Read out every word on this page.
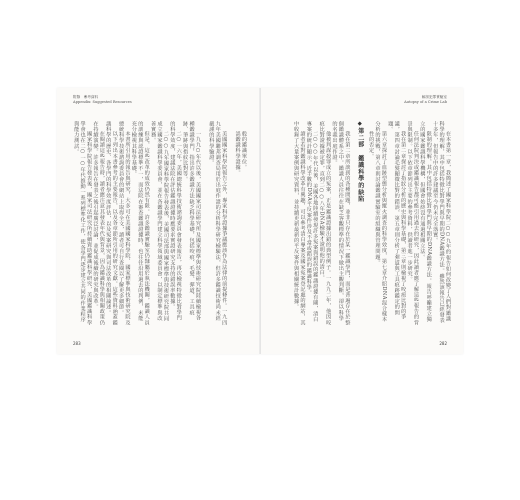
附錄　參考資料
Appendix: Suggested Resources

般的鑑識單位。

誤鑑識科學證據。

美國國家科學院報告之外，專家科學證據爭議應該作為法律的前提條件。一九四九年美國聯邦調查局用於出庭作證的分析科學研究檢驗法，但許多鑑識技術尚未經嚴謹的科學驗證。

一九九○年代以後，美國國家司法研究所及國家標準與技術研究院陸續檢視各種鑑識學門，指出許多鑑識方法缺乏科學基礎，包括咬痕、毛髮、彈道、工具痕跡、筆跡與指紋比對等。

二○一六年，美國總統科學技術諮詢委員會發表報告，再次檢視特徵比對學門的科學效度，建議法院在評估鑑識證據時應要求實證研究支持的錯誤率數據。

二○○九年國家科學院報告發表後，美國司法部與國家標準與技術研究院共同成立國家鑑識科學委員會，並在各鑑識學門建立科學領域委員會，以制定標準與改善實務。

但是，這些改革的成效仍然有限。許多鑑識實驗室仍隸屬於執法機關，鑑識人員的訓練與認證標準不一，而法院在審查鑑識證據時，也往往沿用過去的判例，未能充分檢視其科學基礎。

本書所引用的報告與研究，大多可在美國國家科學院、國家標準與技術研究院及總統科學技術諮詢委員會的網站上取得全文，讀者可自行查閱以了解更多細節。

以下列出本書參考的主要報告，以及各章節所引用的研究文獻。這些資料涵蓋鑑識科學的歷史、各學門的科學效度評估，以及冤案研究與司法改革的相關論述。

在閱讀這些報告時，讀者應注意其發表年代與背景，因為鑑識科學與相關政策仍在持續演變。許多報告在發表之後引起廣泛討論，並促成後續的研究與改革。

國家科學院報告發表後，國家司法研究所持續資助鑑識科學研究，美國鑑識科學學會也在二○一○年代推動一系列標準化工作，使各學門逐步建立共同的作業程序與能力測試。

283
解剖犯罪實驗室
Autopsy of a Crime Lab

在本書第一章，我簡述了國家科學院二○○九年的報告如何改變了人們對鑑識科學的理解，其中包括特徵比對學門與早期的DNA鑑識方法。雖然該報告已經發表十多年，但報告中的許多建議至今仍未完全落實。

限制的理解，其中包括特徵比對學門與早期的DNA鑑識方法。報告呼籲建立獨立的國家鑑識科學機構，但國會始終沒有通過相關立法。

任何法院判決或鑑識報告都可能引用過去的研究，因此讀者應了解這些報告的背景與限制。以下依章節列出主要的參考資料，供讀者進一步研究。

我在第二章探討了指紋分析的歷史與科學基礎，第三章則檢視了咬痕比對的爭議，第四章討論毛髮顯微比對的錯誤，第五章則分析了彈道與工具痕跡鑑定的問題。

第六章探討了血跡型態分析與縱火調查的科學效度，第七章介紹DNA混合樣本分析的挑戰，第八章則討論鑑識實驗室的組織與管理問題。

性的否定。

◆第二部　鑑識科學的缺陷

我在第二章所談到的各種問題，並非只存在於某一鑑識學門，而是普遍存在於整個鑑識體系之中。鑑識人員往往在缺乏客觀標準的情況下做出主觀判斷，卻以科學的名義出庭作證。

他被判謀殺罪成立的冤案，正是鑑識證據出錯的典型例子。一九九二年，他因咬痕比對證據被定罪，直到二○○八年DNA檢驗才證明他的清白。

二○○○年代以後，美國各地陸續發現許多冤案與錯誤的鑑識證據有關，清白專案的統計顯示，近半數的DNA平反案件涉及不當或錯誤的鑑識科學。

讀者若對鑑識科學改革有興趣，可以參考清白專案及國家冤案登記處的網站，其中收錄了大量案例與研究資料，並持續更新最新的平反案件與相關統計數據。

282
